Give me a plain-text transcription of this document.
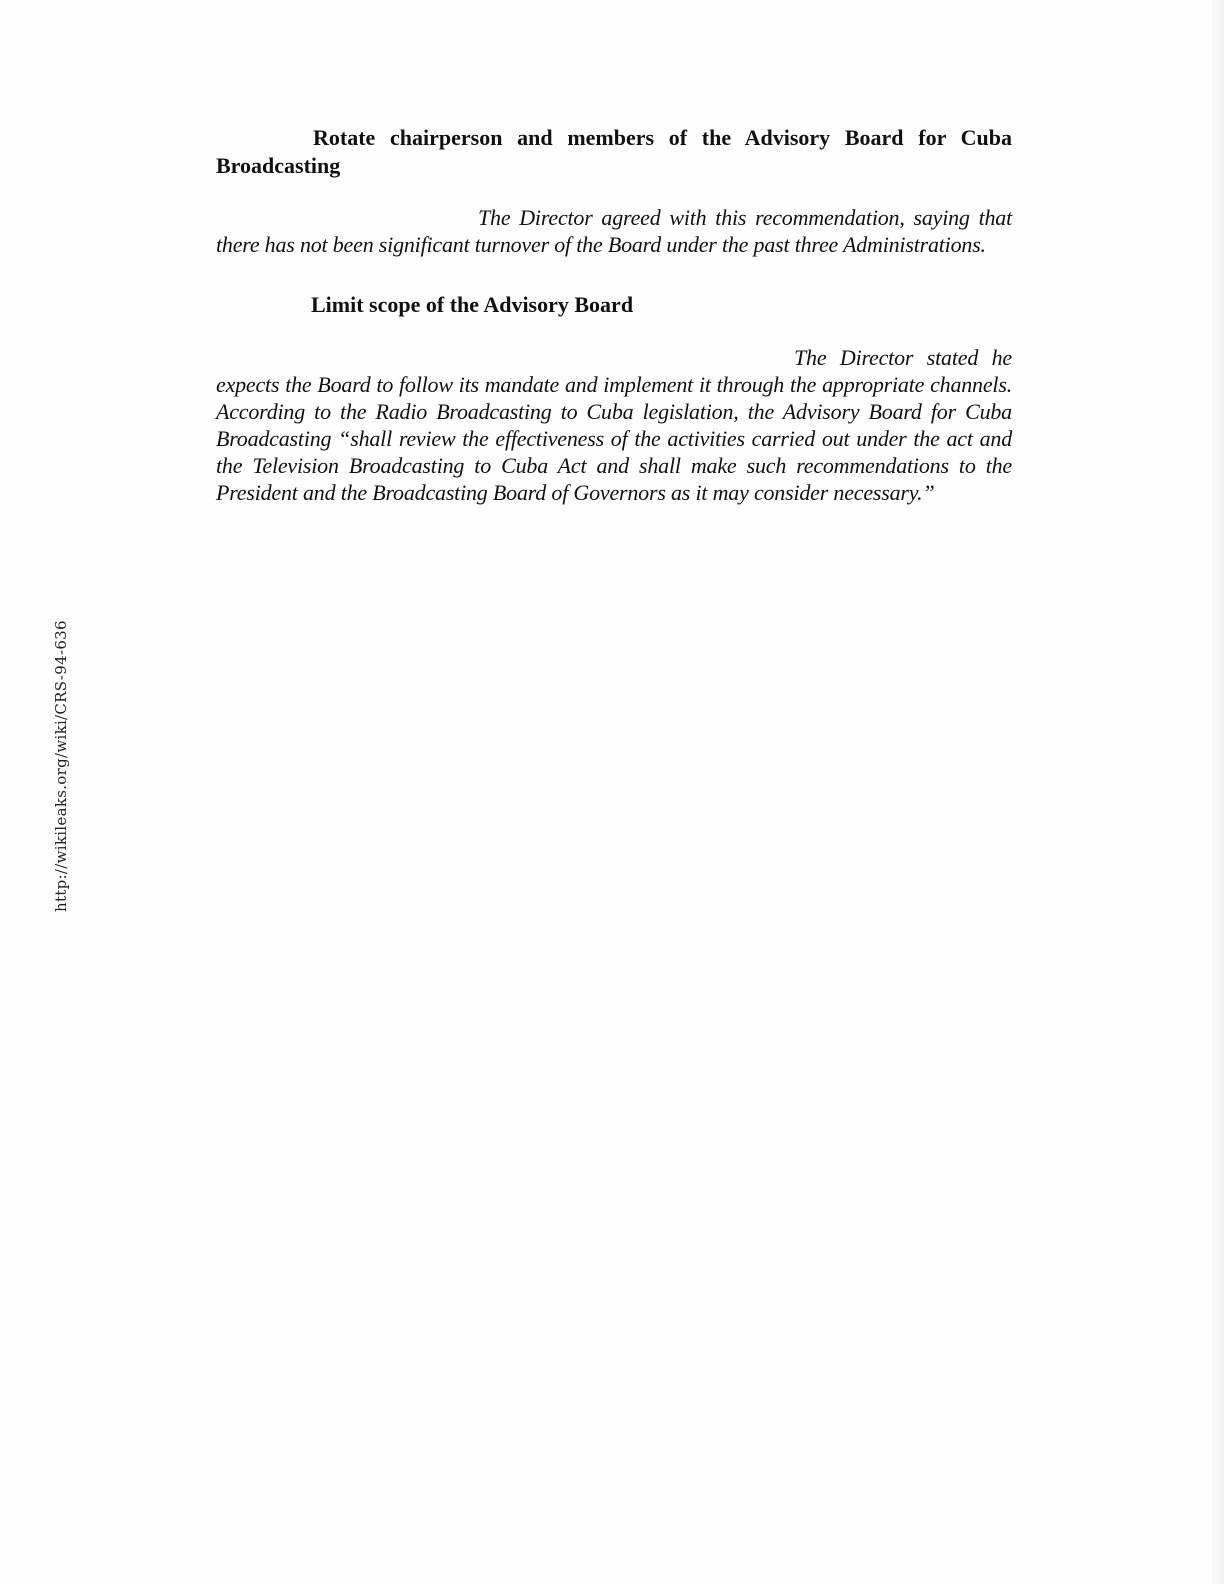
http://wikileaks.org/wiki/CRS-94-636

Rotate chairperson and members of the Advisory Board for Cuba Broadcasting

The Director agreed with this recommendation, saying that there has not been significant turnover of the Board under the past three Administrations.

Limit scope of the Advisory Board

The Director stated he expects the Board to follow its mandate and implement it through the appropriate channels. According to the Radio Broadcasting to Cuba legislation, the Advisory Board for Cuba Broadcasting “shall review the effectiveness of the activities carried out under the act and the Television Broadcasting to Cuba Act and shall make such recommendations to the President and the Broadcasting Board of Governors as it may consider necessary.”
